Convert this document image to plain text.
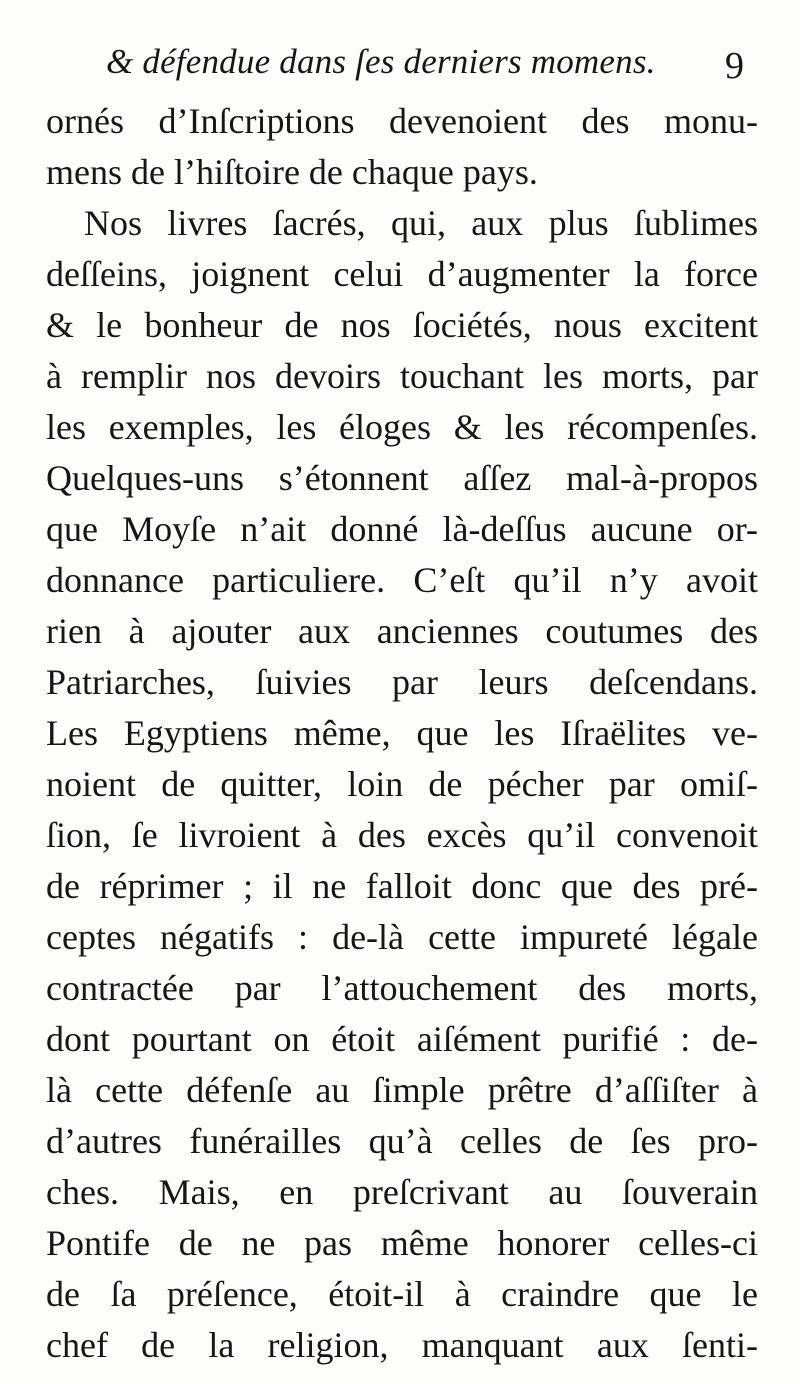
& défendue dans ſes derniers momens. 9
ornés d’Inſcriptions devenoient des monu-
mens de l’hiſtoire de chaque pays.
Nos livres ſacrés, qui, aux plus ſublimes
deſſeins, joignent celui d’augmenter la force
& le bonheur de nos ſociétés, nous excitent
à remplir nos devoirs touchant les morts, par
les exemples, les éloges & les récompenſes.
Quelques-uns s’étonnent aſſez mal-à-propos
que Moyſe n’ait donné là-deſſus aucune or-
donnance particuliere. C’eſt qu’il n’y avoit
rien à ajouter aux anciennes coutumes des
Patriarches, ſuivies par leurs deſcendans.
Les Egyptiens même, que les Iſraëlites ve-
noient de quitter, loin de pécher par omiſ-
ſion, ſe livroient à des excès qu’il convenoit
de réprimer ; il ne falloit donc que des pré-
ceptes négatifs : de-là cette impureté légale
contractée par l’attouchement des morts,
dont pourtant on étoit aiſément purifié : de-
là cette défenſe au ſimple prêtre d’aſſiſter à
d’autres funérailles qu’à celles de ſes pro-
ches. Mais, en preſcrivant au ſouverain
Pontife de ne pas même honorer celles-ci
de ſa préſence, étoit-il à craindre que le
chef de la religion, manquant aux ſenti-
